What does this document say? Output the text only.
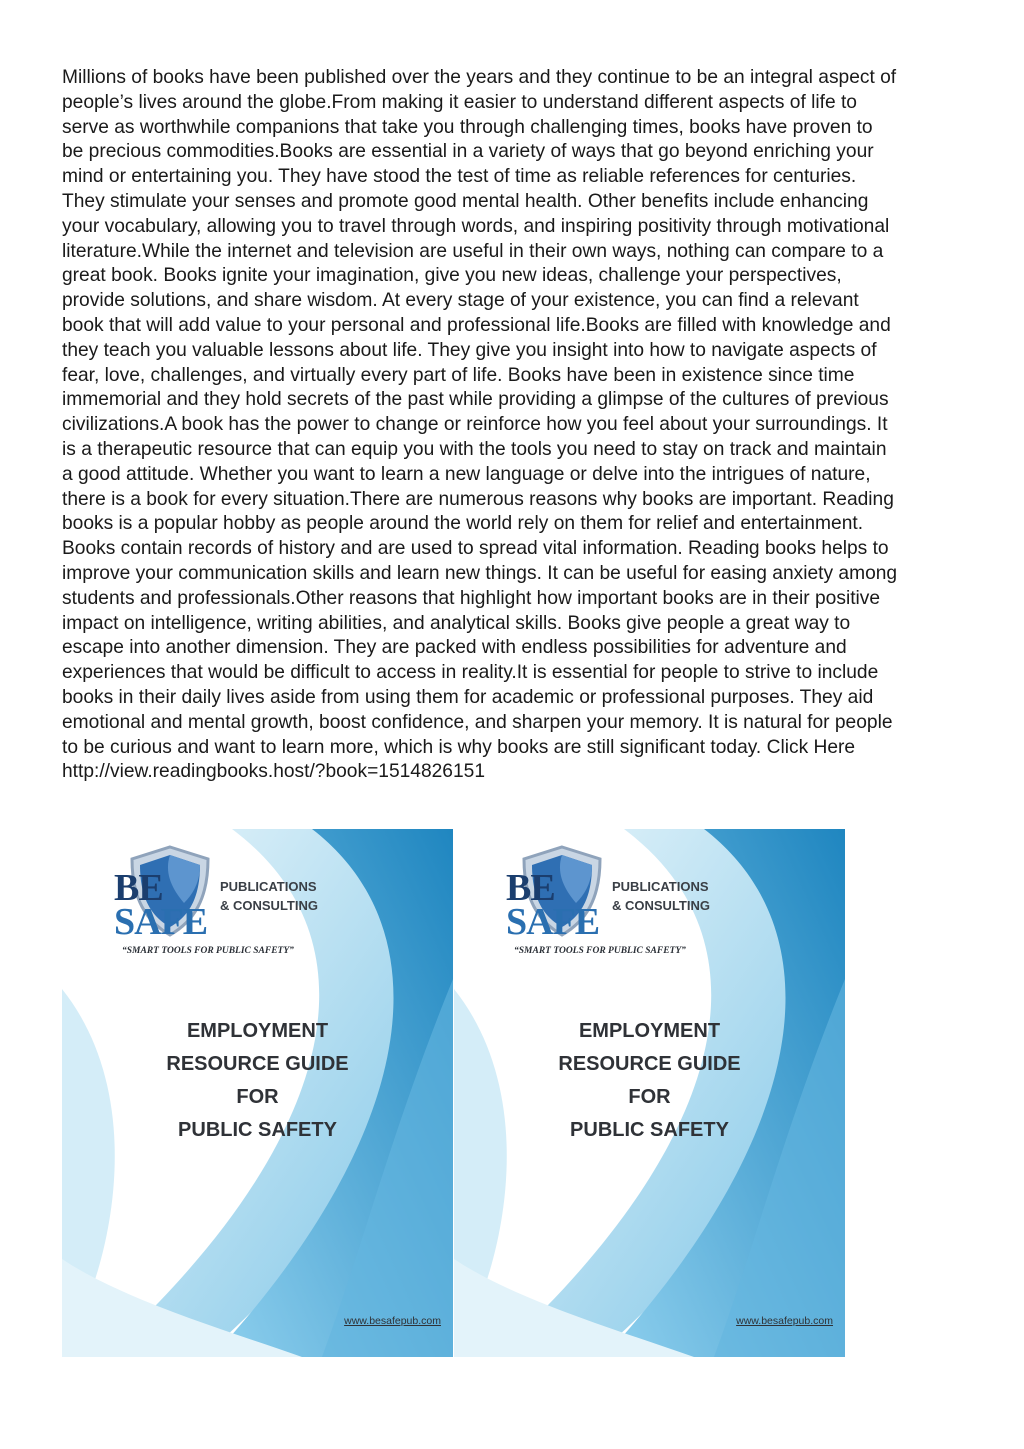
Millions of books have been published over the years and they continue to be an integral aspect of
people’s lives around the globe.From making it easier to understand different aspects of life to
serve as worthwhile companions that take you through challenging times, books have proven to
be precious commodities.Books are essential in a variety of ways that go beyond enriching your
mind or entertaining you. They have stood the test of time as reliable references for centuries.
They stimulate your senses and promote good mental health. Other benefits include enhancing
your vocabulary, allowing you to travel through words, and inspiring positivity through motivational
literature.While the internet and television are useful in their own ways, nothing can compare to a
great book. Books ignite your imagination, give you new ideas, challenge your perspectives,
provide solutions, and share wisdom. At every stage of your existence, you can find a relevant
book that will add value to your personal and professional life.Books are filled with knowledge and
they teach you valuable lessons about life. They give you insight into how to navigate aspects of
fear, love, challenges, and virtually every part of life. Books have been in existence since time
immemorial and they hold secrets of the past while providing a glimpse of the cultures of previous
civilizations.A book has the power to change or reinforce how you feel about your surroundings. It
is a therapeutic resource that can equip you with the tools you need to stay on track and maintain
a good attitude. Whether you want to learn a new language or delve into the intrigues of nature,
there is a book for every situation.There are numerous reasons why books are important. Reading
books is a popular hobby as people around the world rely on them for relief and entertainment.
Books contain records of history and are used to spread vital information. Reading books helps to
improve your communication skills and learn new things. It can be useful for easing anxiety among
students and professionals.Other reasons that highlight how important books are in their positive
impact on intelligence, writing abilities, and analytical skills. Books give people a great way to
escape into another dimension. They are packed with endless possibilities for adventure and
experiences that would be difficult to access in reality.It is essential for people to strive to include
books in their daily lives aside from using them for academic or professional purposes. They aid
emotional and mental growth, boost confidence, and sharpen your memory. It is natural for people
to be curious and want to learn more, which is why books are still significant today. Click Here
http://view.readingbooks.host/?book=1514826151

BE
SAFE
PUBLICATIONS
& CONSULTING
“SMART TOOLS FOR PUBLIC SAFETY”
EMPLOYMENT
RESOURCE GUIDE
FOR
PUBLIC SAFETY
www.besafepub.com
BE
SAFE
PUBLICATIONS
& CONSULTING
“SMART TOOLS FOR PUBLIC SAFETY”
EMPLOYMENT
RESOURCE GUIDE
FOR
PUBLIC SAFETY
www.besafepub.com
